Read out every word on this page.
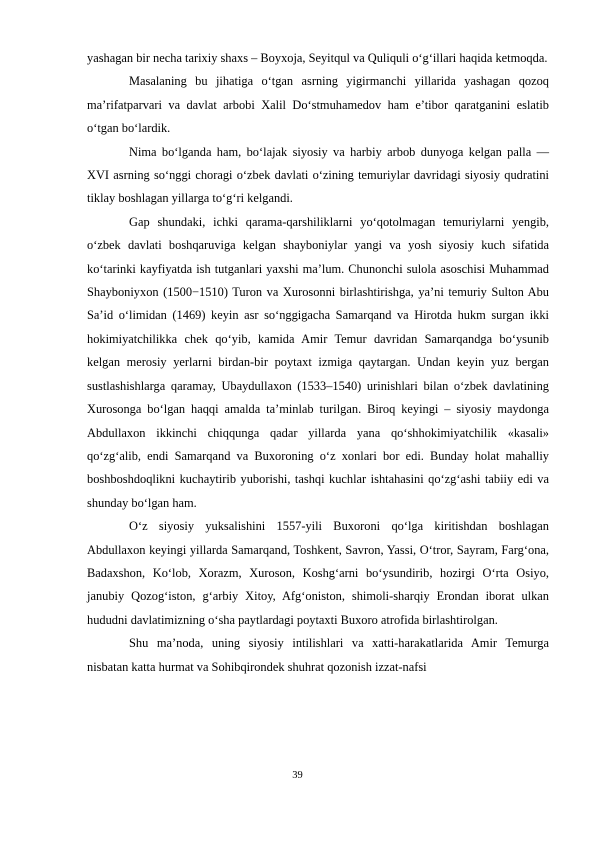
yashagan bir necha tarixiy shaxs – Boyxoja, Seyitqul va Quliquli o‘g‘illari haqida ketmoqda.

Masalaning bu jihatiga o‘tgan asrning yigirmanchi yillarida yashagan qozoq ma’rifatparvari va davlat arbobi Xalil Do‘stmuhamedov ham e’tibor qaratganini eslatib o‘tgan bo‘lardik.

Nima bo‘lganda ham, bo‘lajak siyosiy va harbiy arbob dunyoga kelgan palla — XVI asrning so‘nggi choragi o‘zbek davlati o‘zining temuriylar davridagi siyosiy qudratini tiklay boshlagan yillarga to‘g‘ri kelgandi.

Gap shundaki, ichki qarama-qarshiliklarni yo‘qotolmagan temuriylarni yengib, o‘zbek davlati boshqaruviga kelgan shayboniylar yangi va yosh siyosiy kuch sifatida ko‘tarinki kayfiyatda ish tutganlari yaxshi ma’lum. Chunonchi sulola asoschisi Muhammad Shayboniyxon (1500−1510) Turon va Xurosonni birlashtirishga, ya’ni temuriy Sulton Abu Sa’id o‘limidan (1469) keyin asr so‘nggigacha Samarqand va Hirotda hukm surgan ikki hokimiyatchilikka chek qo‘yib, kamida Amir Temur davridan Samarqandga bo‘ysunib kelgan merosiy yerlarni birdan-bir poytaxt izmiga qaytargan. Undan keyin yuz bergan sustlashishlarga qaramay, Ubaydullaxon (1533–1540) urinishlari bilan o‘zbek davlatining Xurosonga bo‘lgan haqqi amalda ta’minlab turilgan. Biroq keyingi – siyosiy maydonga Abdullaxon ikkinchi chiqqunga qadar yillarda yana qo‘shhokimiyatchilik «kasali» qo‘zg‘alib, endi Samarqand va Buxoroning o‘z xonlari bor edi. Bunday holat mahalliy boshboshdoqlikni kuchaytirib yuborishi, tashqi kuchlar ishtahasini qo‘zg‘ashi tabiiy edi va shunday bo‘lgan ham.

O‘z siyosiy yuksalishini 1557-yili Buxoroni qo‘lga kiritishdan boshlagan Abdullaxon keyingi yillarda Samarqand, Toshkent, Savron, Yassi, O‘tror, Sayram, Farg‘ona, Badaxshon, Ko‘lob, Xorazm, Xuroson, Koshg‘arni bo‘ysundirib, hozirgi O‘rta Osiyo, janubiy Qozog‘iston, g‘arbiy Xitoy, Afg‘oniston, shimoli-sharqiy Erondan iborat ulkan hududni davlatimizning o‘sha paytlardagi poytaxti Buxoro atrofida birlashtirolgan.

Shu ma’noda, uning siyosiy intilishlari va xatti-harakatlarida Amir Temurga nisbatan katta hurmat va Sohibqirondek shuhrat qozonish izzat-nafsi

39
